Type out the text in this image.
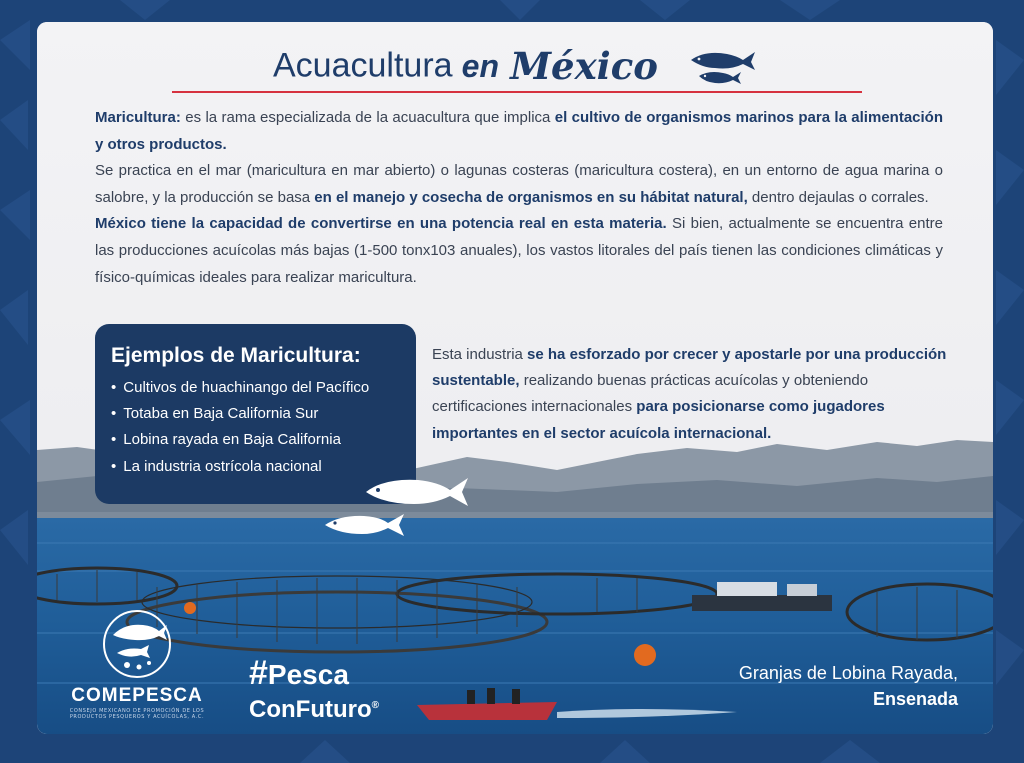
Acuacultura en México

Maricultura: es la rama especializada de la acuacultura que implica el cultivo de organismos marinos para la alimentación y otros productos.

Se practica en el mar (maricultura en mar abierto) o lagunas costeras (maricultura costera), en un entorno de agua marina o salobre, y la producción se basa en el manejo y cosecha de organismos en su hábitat natural, dentro dejaulas o corrales.

México tiene la capacidad de convertirse en una potencia real en esta materia. Si bien, actualmente se encuentra entre las producciones acuícolas más bajas (1-500 tonx103 anuales), los vastos litorales del país tienen las condiciones climáticas y físico-químicas ideales para realizar maricultura.

Ejemplos de Maricultura:
• Cultivos de huachinango del Pacífico
• Totaba en Baja California Sur
• Lobina rayada en Baja California
• La industria ostrícola nacional
Esta industria se ha esforzado por crecer y apostarle por una producción sustentable, realizando buenas prácticas acuícolas y obteniendo certificaciones internacionales para posicionarse como jugadores importantes en el sector acuícola internacional.
COMEPESCA
CONSEJO MEXICANO DE PROMOCIÓN DE LOS PRODUCTOS PESQUEROS Y ACUÍCOLAS, A.C.
#Pesca
ConFuturo®
Granjas de Lobina Rayada,
Ensenada
